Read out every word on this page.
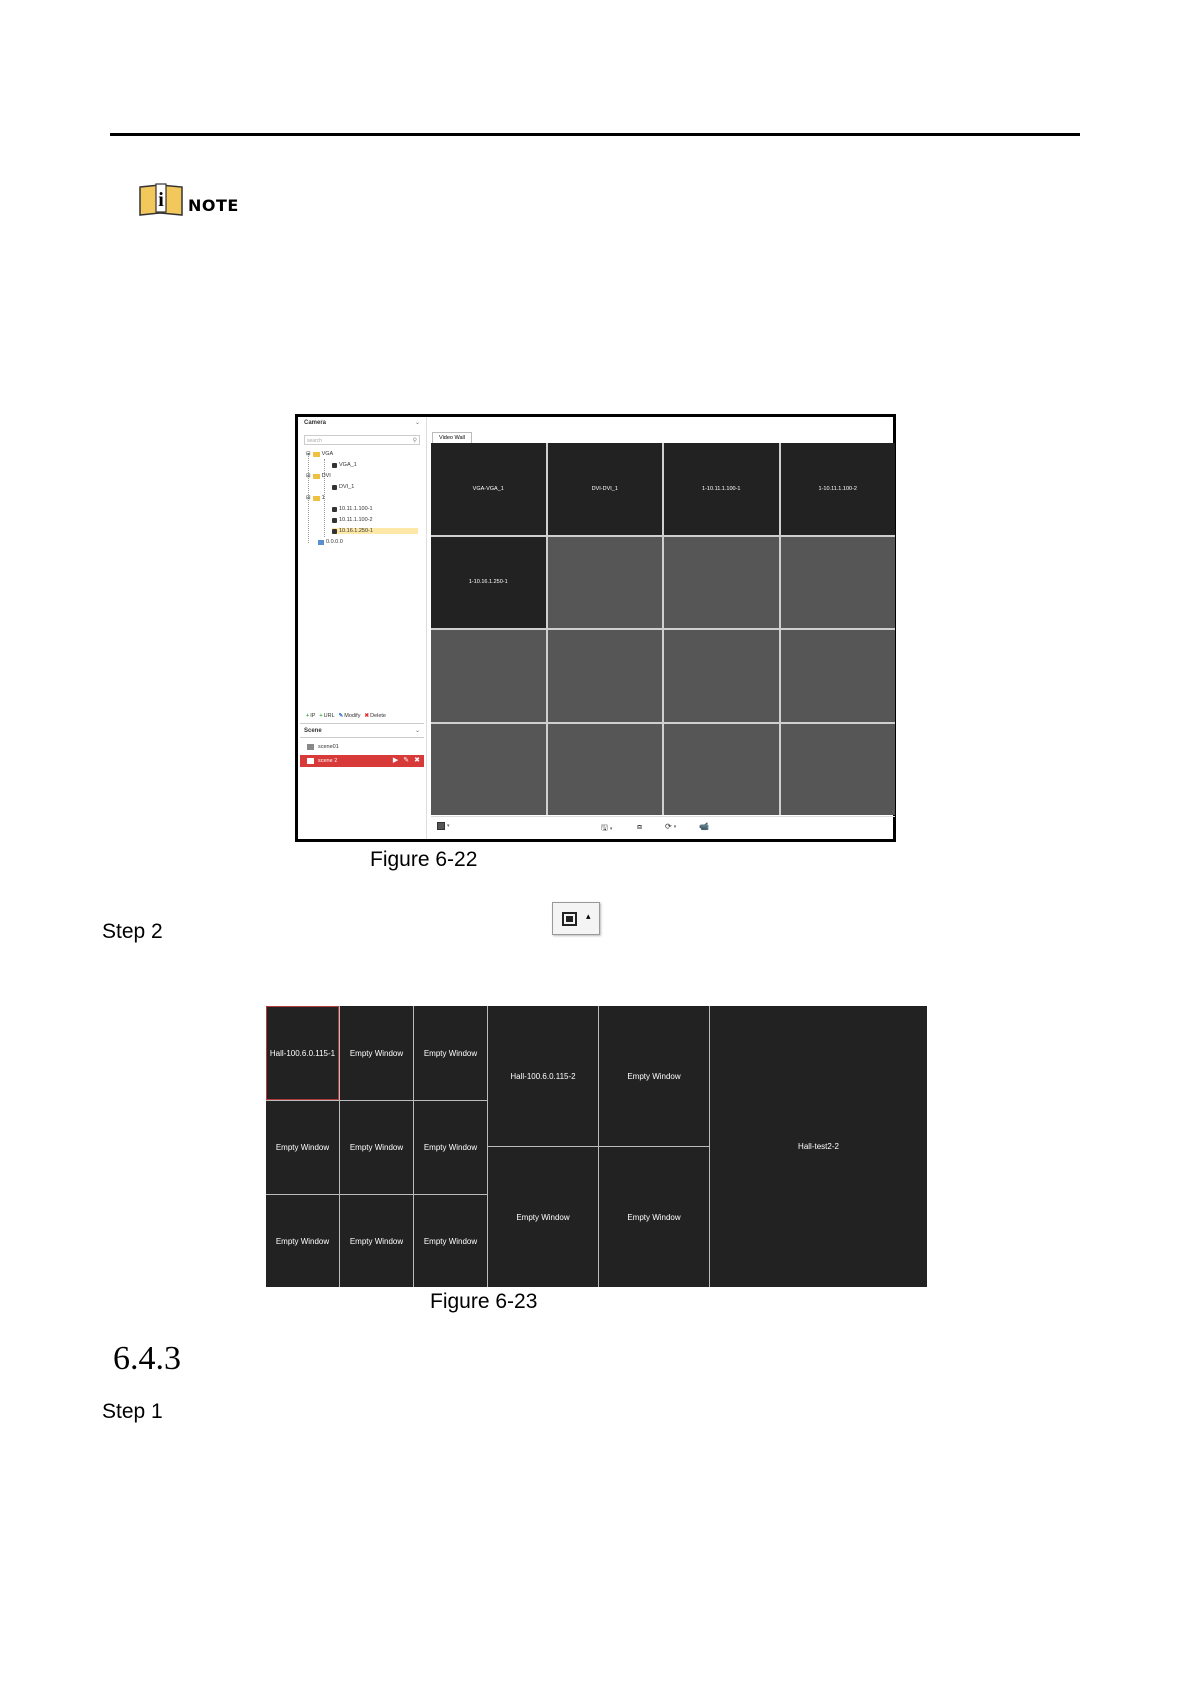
i NOTE
Camera	⌄
search	⚲
⊟ VGA
VGA_1
⊟ DVI
DVI_1
⊟ 1
10.11.1.100-1
10.11.1.100-2
10.16.1.250-1
0.0.0.0
+ IP + URL ✎ Modify ✖ Delete
Scene	⌄
scene01
scene 2	▶ ✎ ✖
Video Wall
VGA-VGA_1	DVI-DVI_1	1-10.11.1.100-1	1-10.11.1.100-2
1-10.16.1.250-1
▾	🖫 ▾	⧈	⟳ ▾	📹
Figure 6-22
Step 2
▴
Hall-100.6.0.115-1	Empty Window	Empty Window
Empty Window	Empty Window	Empty Window
Empty Window	Empty Window	Empty Window
Hall-100.6.0.115-2	Empty Window
Empty Window	Empty Window
Hall-test2-2
Figure 6-23
6.4.3
Step 1
